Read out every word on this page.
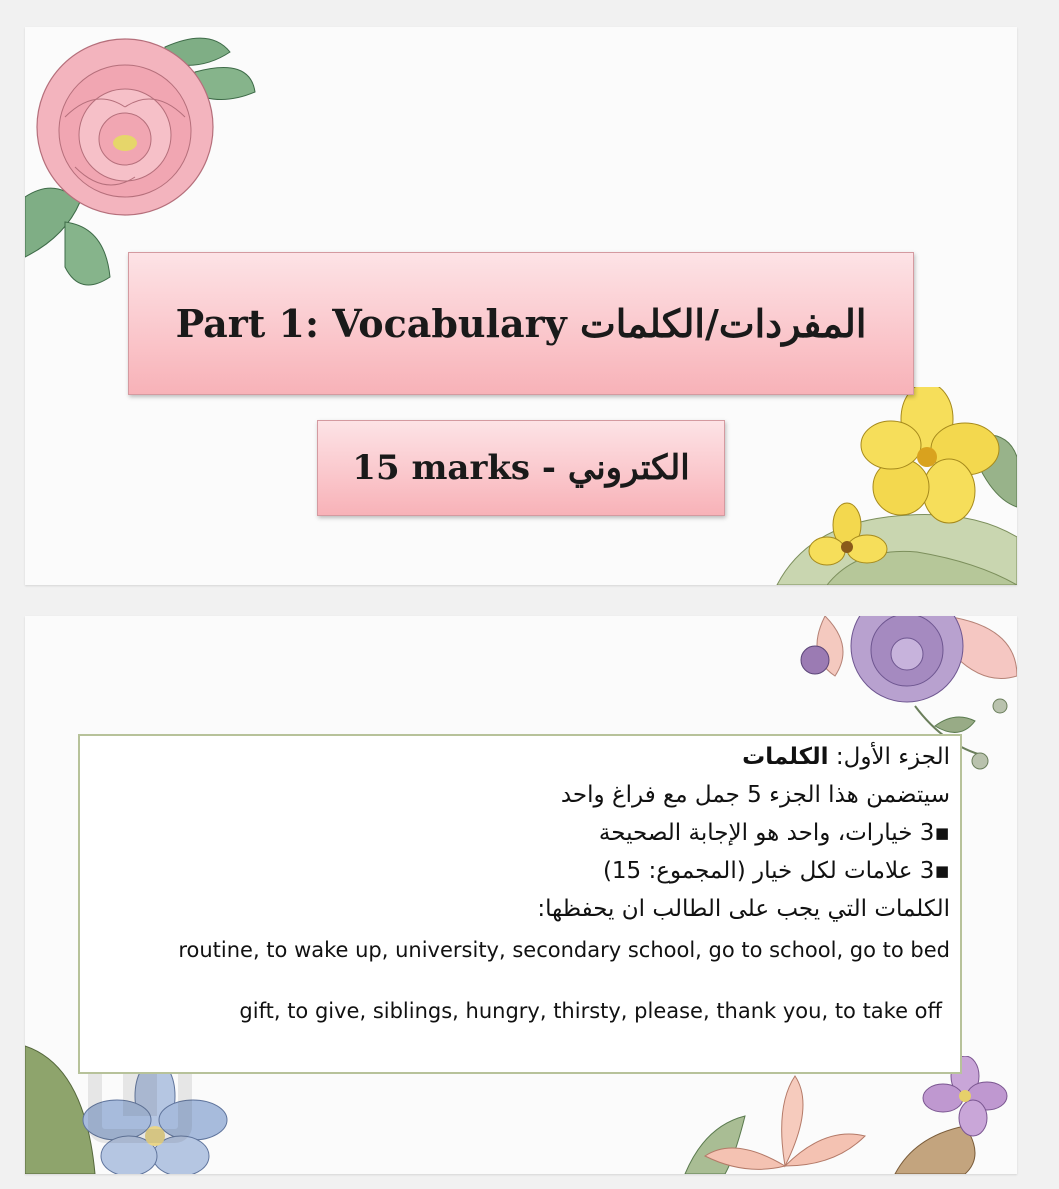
Part 1: Vocabulary المفردات/الكلمات
15 marks - الكتروني
الجزء الأول: الكلمات
سيتضمن هذا الجزء 5 جمل مع فراغ واحد
▪3 خيارات، واحد هو الإجابة الصحيحة
▪3 علامات لكل خيار (المجموع: 15)
الكلمات التي يجب على الطالب ان يحفظها:
routine, to wake up, university, secondary school, go to school, go to bed
gift, to give, siblings, hungry, thirsty, please, thank you, to take off
